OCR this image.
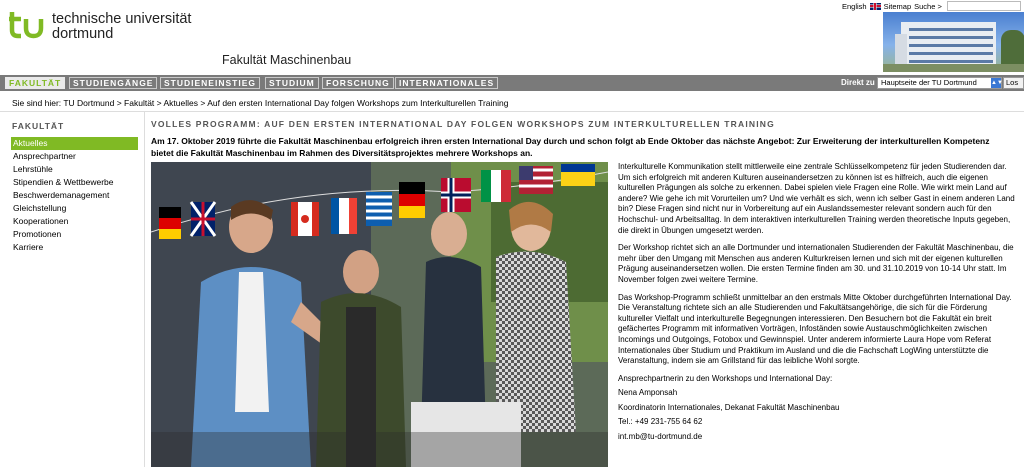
technische universität
dortmund
Fakultät Maschinenbau
English Sitemap Suche >
FAKULTÄT	STUDIENGÄNGE	STUDIENEINSTIEG	STUDIUM	FORSCHUNG	INTERNATIONALES	Direkt zu Hauptseite der TU Dortmund ▲▼ Los
Sie sind hier: TU Dortmund > Fakultät > Aktuelles > Auf den ersten International Day folgen Workshops zum Interkulturellen Training
FAKULTÄT
Aktuelles
Ansprechpartner
Lehrstühle
Stipendien & Wettbewerbe
Beschwerdemanagement
Gleichstellung
Kooperationen
Promotionen
Karriere
VOLLES PROGRAMM: AUF DEN ERSTEN INTERNATIONAL DAY FOLGEN WORKSHOPS ZUM INTERKULTURELLEN TRAINING
Am 17. Oktober 2019 führte die Fakultät Maschinenbau erfolgreich ihren ersten International Day durch und schon folgt ab Ende Oktober das nächste Angebot: Zur Erweiterung der interkulturellen Kompetenz bietet die Fakultät Maschinenbau im Rahmen des Diversitätsprojektes mehrere Workshops an.

Interkulturelle Kommunikation stellt mittlerweile eine zentrale Schlüsselkompetenz für jeden Studierenden dar. Um sich erfolgreich mit anderen Kulturen auseinandersetzen zu können ist es hilfreich, auch die eigenen kulturellen Prägungen als solche zu erkennen. Dabei spielen viele Fragen eine Rolle. Wie wirkt mein Land auf andere? Wie gehe ich mit Vorurteilen um? Und wie verhält es sich, wenn ich selber Gast in einem anderen Land bin? Diese Fragen sind nicht nur in Vorbereitung auf ein Auslandssemester relevant sondern auch für den Hochschul- und Arbeitsalltag. In dem interaktiven interkulturellen Training werden theoretische Inputs gegeben, die direkt in Übungen umgesetzt werden.

Der Workshop richtet sich an alle Dortmunder und internationalen Studierenden der Fakultät Maschinenbau, die mehr über den Umgang mit Menschen aus anderen Kulturkreisen lernen und sich mit der eigenen kulturellen Prägung auseinandersetzen wollen. Die ersten Termine finden am 30. und 31.10.2019 von 10-14 Uhr statt. Im November folgen zwei weitere Termine.

Das Workshop-Programm schließt unmittelbar an den erstmals Mitte Oktober durchgeführten International Day. Die Veranstaltung richtete sich an alle Studierenden und Fakultätsangehörige, die sich für die Förderung kultureller Vielfalt und interkulturelle Begegnungen interessieren. Den Besuchern bot die Fakultät ein breit gefächertes Programm mit informativen Vorträgen, Infoständen sowie Austauschmöglichkeiten zwischen Incomings und Outgoings, Fotobox und Gewinnspiel. Unter anderem informierte Laura Hope vom Referat Internationales über Studium und Praktikum im Ausland und die die Fachschaft LogWing unterstützte die Veranstaltung, indem sie am Grillstand für das leibliche Wohl sorgte.

Ansprechpartnerin zu den Workshops und International Day:

Nena Amponsah

Koordinatorin Internationales, Dekanat Fakultät Maschinenbau

Tel.: +49 231-755 64 62

int.mb@tu-dortmund.de
